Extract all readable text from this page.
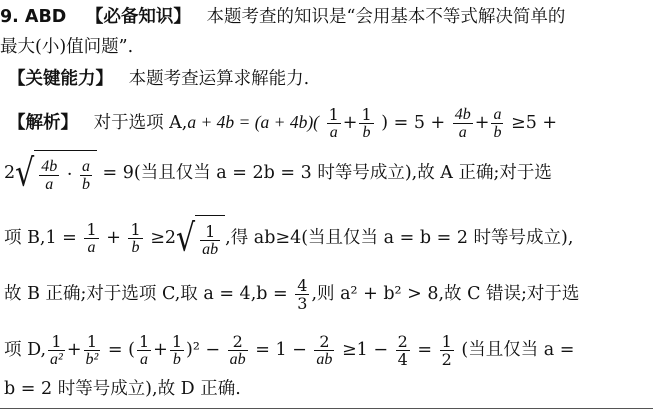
9. ABD 【必备知识】 本题考查的知识是“会用基本不等式解决简单的
最大(小)值问题”.
【关键能力】 本题考查运算求解能力.
【解析】 对于选项 $A,a + 4b = (a + 4b)( \frac{1}{a} + \frac{1}{b}$ ) = $5 + \frac{4b}{a} + \frac{a}{b} \ge 5$ +
$2√ \frac{4b}{a} \cdot \frac{a}{b} = 9$(当且仅当 a = 2b = 3 时等号成立),故 A 正确;对于选
项 $B,1 = \frac{1}{a} + \frac{1}{b} \ge 2√ \frac{1}{ab}$ ,得 ab≥4(当且仅当 a = b = 2 时等号成立),
故 B 正确;对于选项 C,取 $a = 4,b = \frac{4}{3}$ ,则 a² + b² > 8,故 C 错误;对于选
项 D, $\frac{1}{\text{a²}} + \frac{1}{\text{b²}}$ = ( $\frac{1}{a} + \frac{1}{b} )^2 - \frac{2}{ab} = 1 - \frac{2}{ab} \ge 1 - \frac{2}{4} = \frac{1}{2}$ (当且仅当 a =
b = 2 时等号成立),故 D 正确.
